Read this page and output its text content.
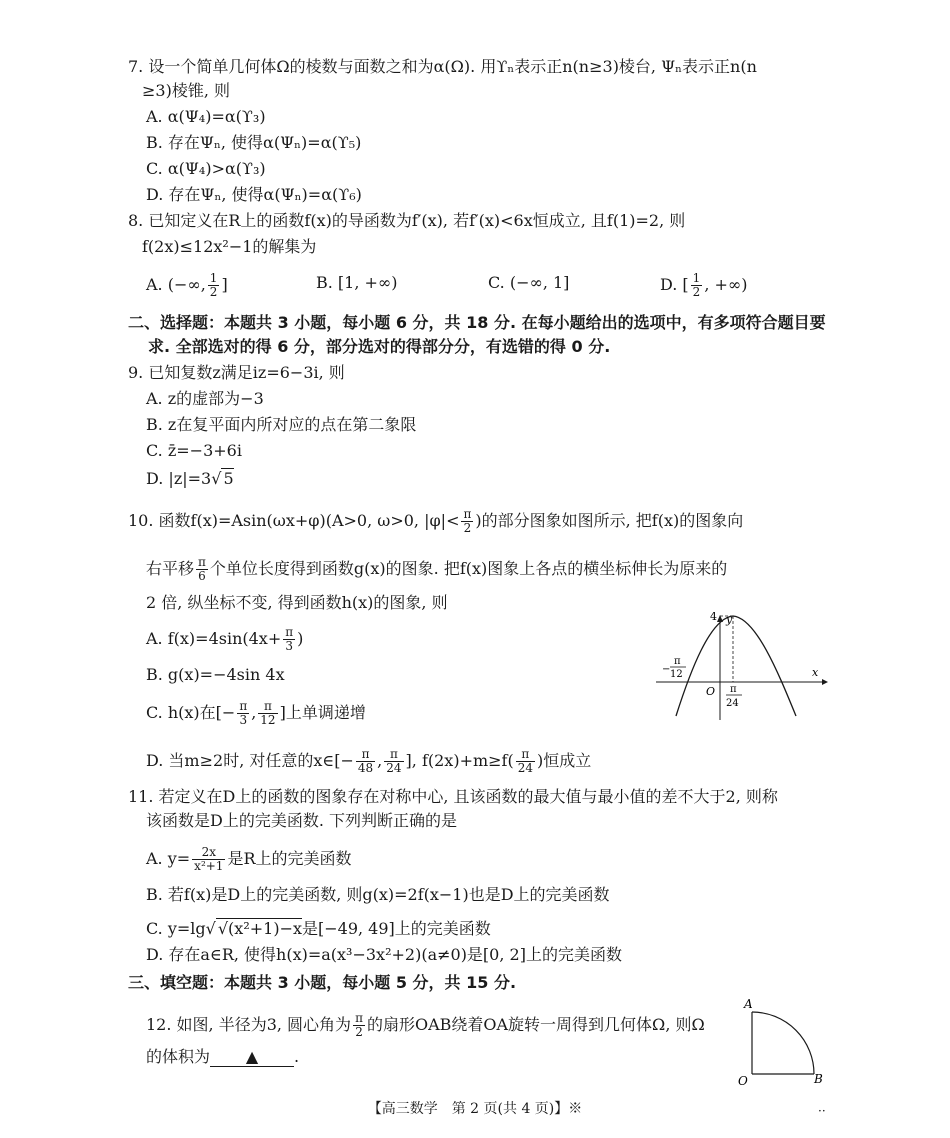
7. 设一个简单几何体Ω的棱数与面数之和为α(Ω). 用ϒₙ表示正n(n≥3)棱台, Ψₙ表示正n(n
≥3)棱锥, 则
A. α(Ψ₄)=α(ϒ₃)
B. 存在Ψₙ, 使得α(Ψₙ)=α(ϒ₅)
C. α(Ψ₄)>α(ϒ₃)
D. 存在Ψₙ, 使得α(Ψₙ)=α(ϒ₆)
8. 已知定义在R上的函数f(x)的导函数为f′(x), 若f′(x)<6x恒成立, 且f(1)=2, 则
f(2x)≤12x²−1的解集为
A. (−∞, $\frac{1}{2}$ ]	B. [1, +∞)	C. (−∞, 1]	D. [ $\frac{1}{2}$ , +∞)
二、选择题：本题共 3 小题，每小题 6 分，共 18 分. 在每小题给出的选项中，有多项符合题目要
求. 全部选对的得 6 分，部分选对的得部分分，有选错的得 0 分.
9. 已知复数z满足iz=6−3i, 则
A. z的虚部为−3
B. z在复平面内所对应的点在第二象限
C. z̄=−3+6i
D. |z|=3√ 5
10. 函数f(x)=Asin(ωx+φ)(A>0, ω>0, $|\varphi|< \frac{\pi}{2}$ )的部分图象如图所示, 把f(x)的图象向
右平移 $\frac{\pi}{6}$ 个单位长度得到函数g(x)的图象. 把f(x)图象上各点的横坐标伸长为原来的
2 倍, 纵坐标不变, 得到函数h(x)的图象, 则
A. $f(x)=4\sin(4x+ \frac{\pi}{3}$ )
B. g(x)=−4sin 4x
C. h(x)在[− $\frac{\pi}{3}$ , $\frac{\pi}{12}$ ]上单调递增
D. 当m≥2时, 对任意的x∈[− $\frac{\pi}{48}$ , $\frac{\pi}{24}$ ], $f(2x)+m\ge f( \frac{\pi}{24}$ )恒成立
y
x
O
4
−
π
12
π
24
11. 若定义在D上的函数的图象存在对称中心, 且该函数的最大值与最小值的差不大于2, 则称
该函数是D上的完美函数. 下列判断正确的是
A. $y= \frac{2x}{\text{x²+1}}$ 是R上的完美函数
B. 若f(x)是D上的完美函数, 则g(x)=2f(x−1)也是D上的完美函数
C. y=lg√ √(x²+1)−x是[−49, 49]上的完美函数
D. 存在a∈R, 使得h(x)=a(x³−3x²+2)(a≠0)是[0, 2]上的完美函数
三、填空题：本题共 3 小题，每小题 5 分，共 15 分.
12. 如图, 半径为3, 圆心角为 $\frac{\pi}{2}$ 的扇形OAB绕着OA旋转一周得到几何体Ω, 则Ω
的体积为 ▲ .
A
O	B
【高三数学　第 2 页(共 4 页)】※	··
